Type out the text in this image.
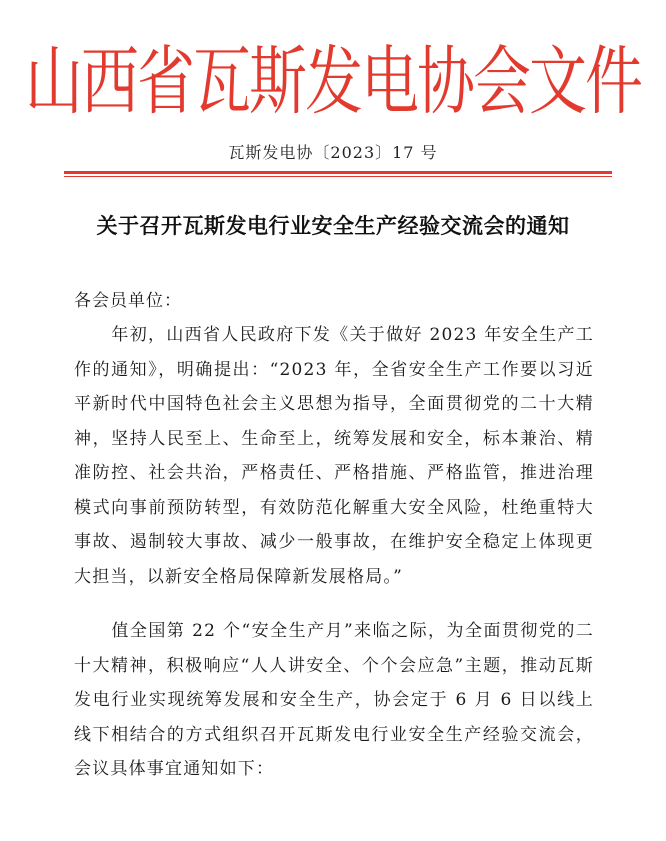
山西省瓦斯发电协会文件
瓦斯发电协〔2023〕17 号
关于召开瓦斯发电行业安全生产经验交流会的通知
各会员单位：
年初，山西省人民政府下发《关于做好 2023 年安全生产工作的通知》，明确提出：“2023 年，全省安全生产工作要以习近平新时代中国特色社会主义思想为指导，全面贯彻党的二十大精神，坚持人民至上、生命至上，统筹发展和安全，标本兼治、精准防控、社会共治，严格责任、严格措施、严格监管，推进治理模式向事前预防转型，有效防范化解重大安全风险，杜绝重特大事故、遏制较大事故、减少一般事故，在维护安全稳定上体现更大担当，以新安全格局保障新发展格局。”
值全国第 22 个“安全生产月”来临之际，为全面贯彻党的二十大精神，积极响应“人人讲安全、个个会应急”主题，推动瓦斯发电行业实现统筹发展和安全生产，协会定于 6 月 6 日以线上线下相结合的方式组织召开瓦斯发电行业安全生产经验交流会，会议具体事宜通知如下：
